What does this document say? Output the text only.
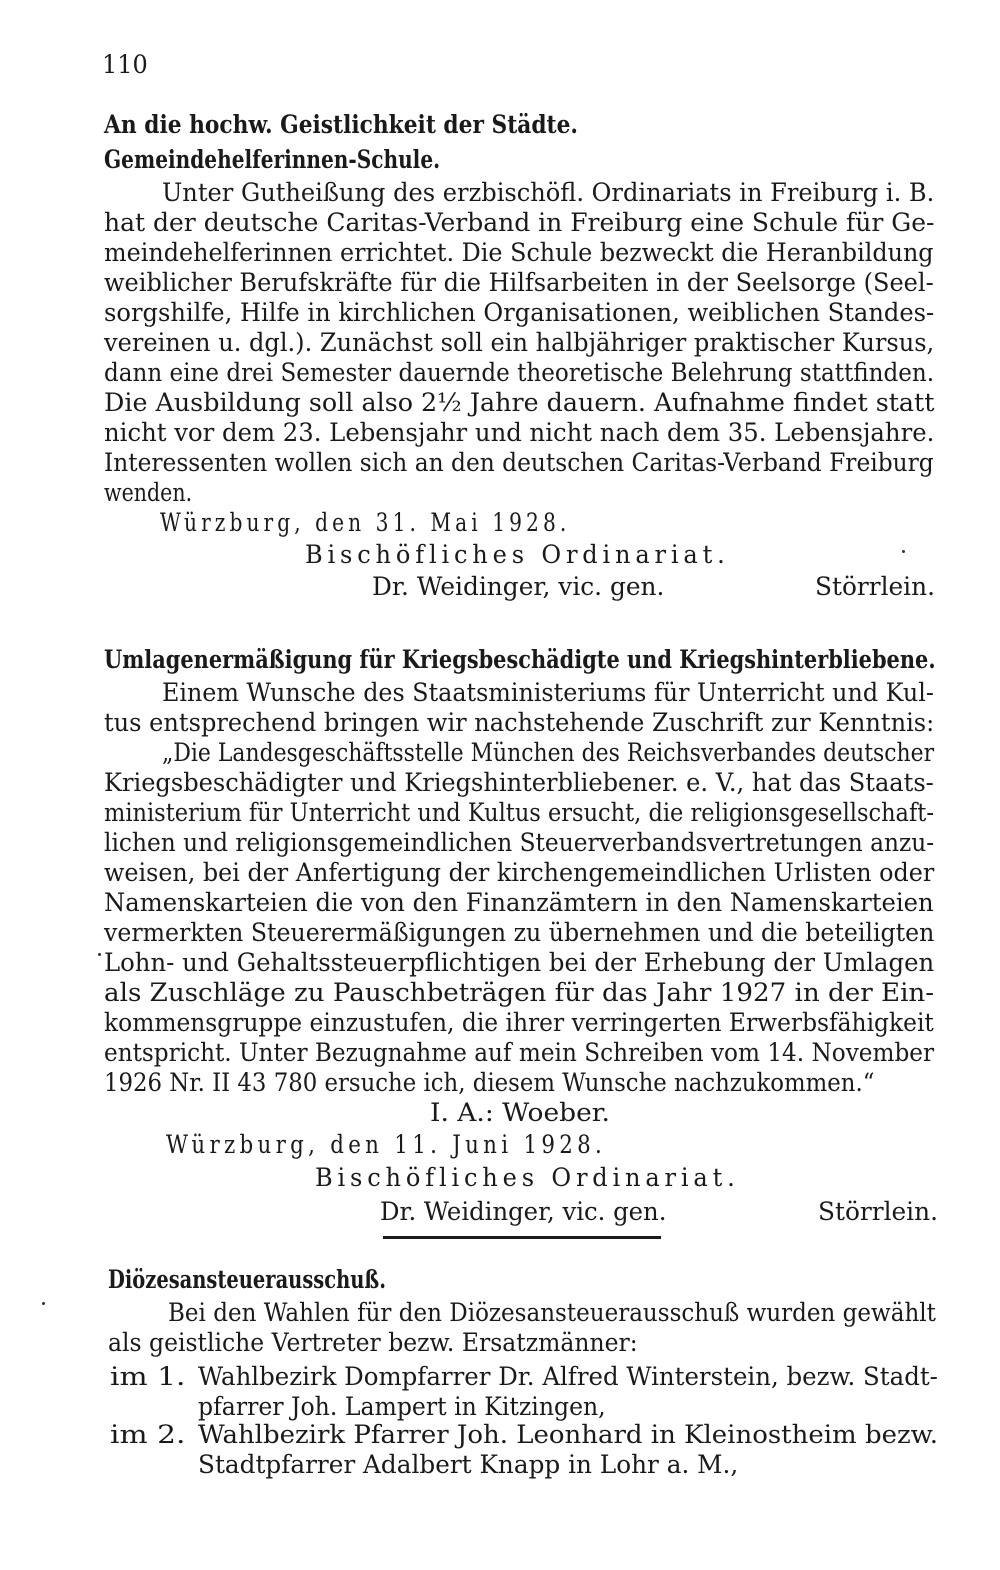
110
An die hochw. Geistlichkeit der Städte.
Gemeindehelferinnen-Schule.
Unter Gutheißung des erzbischöfl. Ordinariats in Freiburg i. B.
hat der deutsche Caritas-Verband in Freiburg eine Schule für Ge-
meindehelferinnen errichtet. Die Schule bezweckt die Heranbildung
weiblicher Berufskräfte für die Hilfsarbeiten in der Seelsorge (Seel-
sorgshilfe, Hilfe in kirchlichen Organisationen, weiblichen Standes-
vereinen u. dgl.). Zunächst soll ein halbjähriger praktischer Kursus,
dann eine drei Semester dauernde theoretische Belehrung stattfinden.
Die Ausbildung soll also 2½ Jahre dauern. Aufnahme findet statt
nicht vor dem 23. Lebensjahr und nicht nach dem 35. Lebensjahre.
Interessenten wollen sich an den deutschen Caritas-Verband Freiburg
wenden.
Würzburg, den 31. Mai 1928.
Bischöfliches Ordinariat.
Dr. Weidinger, vic. gen.	Störrlein.
Umlagenermäßigung für Kriegsbeschädigte und Kriegshinterbliebene.
Einem Wunsche des Staatsministeriums für Unterricht und Kul-
tus entsprechend bringen wir nachstehende Zuschrift zur Kenntnis:
„Die Landesgeschäftsstelle München des Reichsverbandes deutscher
Kriegsbeschädigter und Kriegshinterbliebener. e. V., hat das Staats-
ministerium für Unterricht und Kultus ersucht, die religionsgesellschaft-
lichen und religionsgemeindlichen Steuerverbandsvertretungen anzu-
weisen, bei der Anfertigung der kirchengemeindlichen Urlisten oder
Namenskarteien die von den Finanzämtern in den Namenskarteien
vermerkten Steuerermäßigungen zu übernehmen und die beteiligten
Lohn- und Gehaltssteuerpflichtigen bei der Erhebung der Umlagen
als Zuschläge zu Pauschbeträgen für das Jahr 1927 in der Ein-
kommensgruppe einzustufen, die ihrer verringerten Erwerbsfähigkeit
entspricht. Unter Bezugnahme auf mein Schreiben vom 14. November
1926 Nr. II 43 780 ersuche ich, diesem Wunsche nachzukommen.“
I. A.: Woeber.
Würzburg, den 11. Juni 1928.
Bischöfliches Ordinariat.
Dr. Weidinger, vic. gen.	Störrlein.
Diözesansteuerausschuß.
Bei den Wahlen für den Diözesansteuerausschuß wurden gewählt
als geistliche Vertreter bezw. Ersatzmänner:
im 1. Wahlbezirk Dompfarrer Dr. Alfred Winterstein, bezw. Stadt-
pfarrer Joh. Lampert in Kitzingen,
im 2. Wahlbezirk Pfarrer Joh. Leonhard in Kleinostheim bezw.
Stadtpfarrer Adalbert Knapp in Lohr a. M.,
